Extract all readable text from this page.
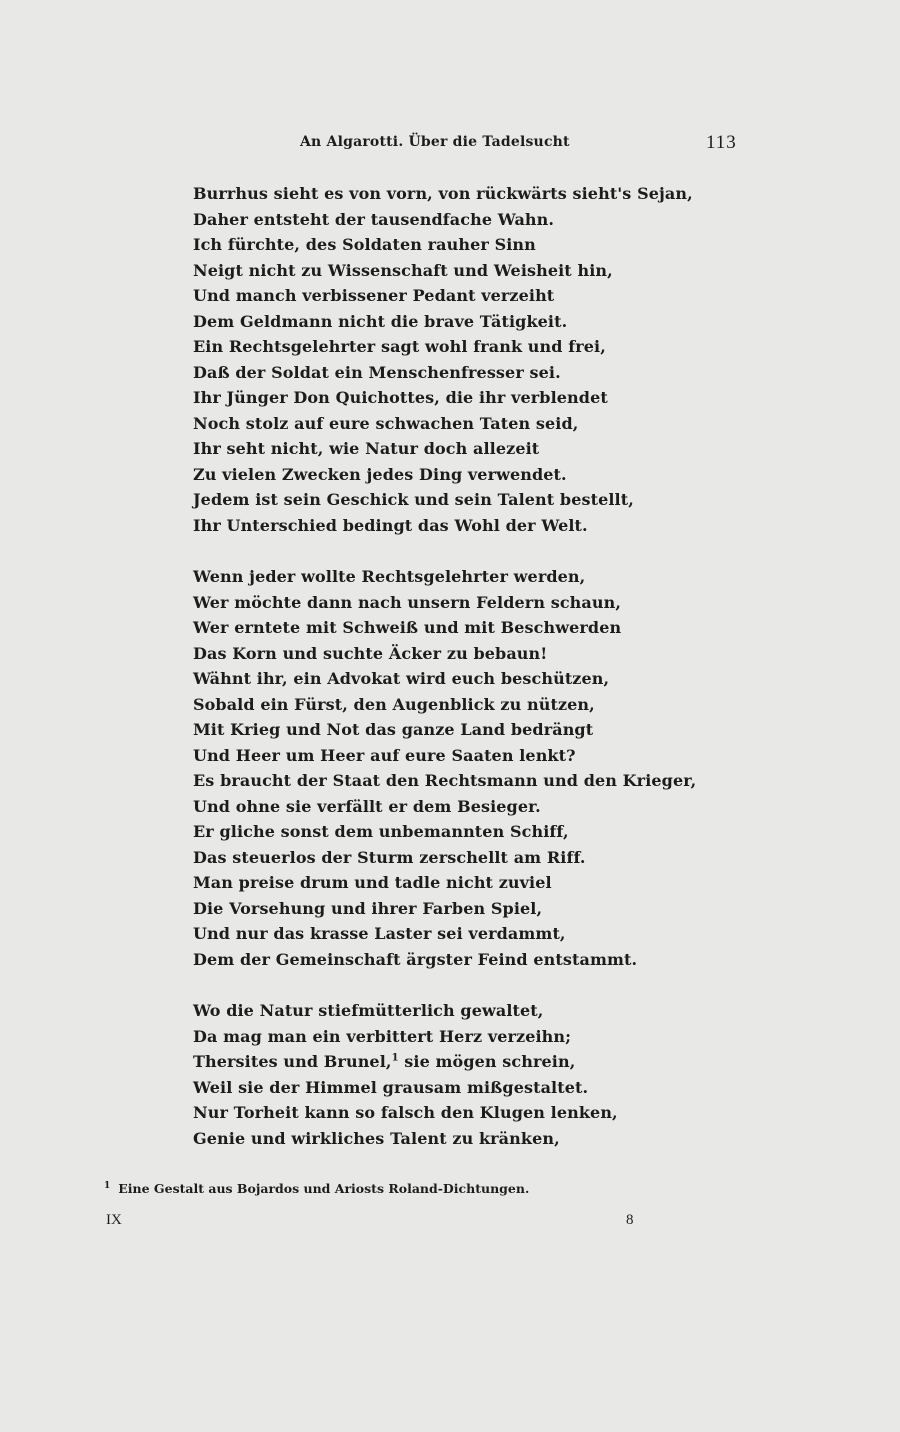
An Algarotti. Über die Tadelsucht	113
Burrhus sieht es von vorn, von rückwärts sieht's Sejan,
Daher entsteht der tausendfache Wahn.
Ich fürchte, des Soldaten rauher Sinn
Neigt nicht zu Wissenschaft und Weisheit hin,
Und manch verbissener Pedant verzeiht
Dem Geldmann nicht die brave Tätigkeit.
Ein Rechtsgelehrter sagt wohl frank und frei,
Daß der Soldat ein Menschenfresser sei.
Ihr Jünger Don Quichottes, die ihr verblendet
Noch stolz auf eure schwachen Taten seid,
Ihr seht nicht, wie Natur doch allezeit
Zu vielen Zwecken jedes Ding verwendet.
Jedem ist sein Geschick und sein Talent bestellt,
Ihr Unterschied bedingt das Wohl der Welt.
Wenn jeder wollte Rechtsgelehrter werden,
Wer möchte dann nach unsern Feldern schaun,
Wer erntete mit Schweiß und mit Beschwerden
Das Korn und suchte Äcker zu bebaun!
Wähnt ihr, ein Advokat wird euch beschützen,
Sobald ein Fürst, den Augenblick zu nützen,
Mit Krieg und Not das ganze Land bedrängt
Und Heer um Heer auf eure Saaten lenkt?
Es braucht der Staat den Rechtsmann und den Krieger,
Und ohne sie verfällt er dem Besieger.
Er gliche sonst dem unbemannten Schiff,
Das steuerlos der Sturm zerschellt am Riff.
Man preise drum und tadle nicht zuviel
Die Vorsehung und ihrer Farben Spiel,
Und nur das krasse Laster sei verdammt,
Dem der Gemeinschaft ärgster Feind entstammt.
Wo die Natur stiefmütterlich gewaltet,
Da mag man ein verbittert Herz verzeihn;
Thersites und Brunel,$^1$ sie mögen schrein,
Weil sie der Himmel grausam mißgestaltet.
Nur Torheit kann so falsch den Klugen lenken,
Genie und wirkliches Talent zu kränken,
$^1$ Eine Gestalt aus Bojardos und Ariosts Roland-Dichtungen.
IX	8
